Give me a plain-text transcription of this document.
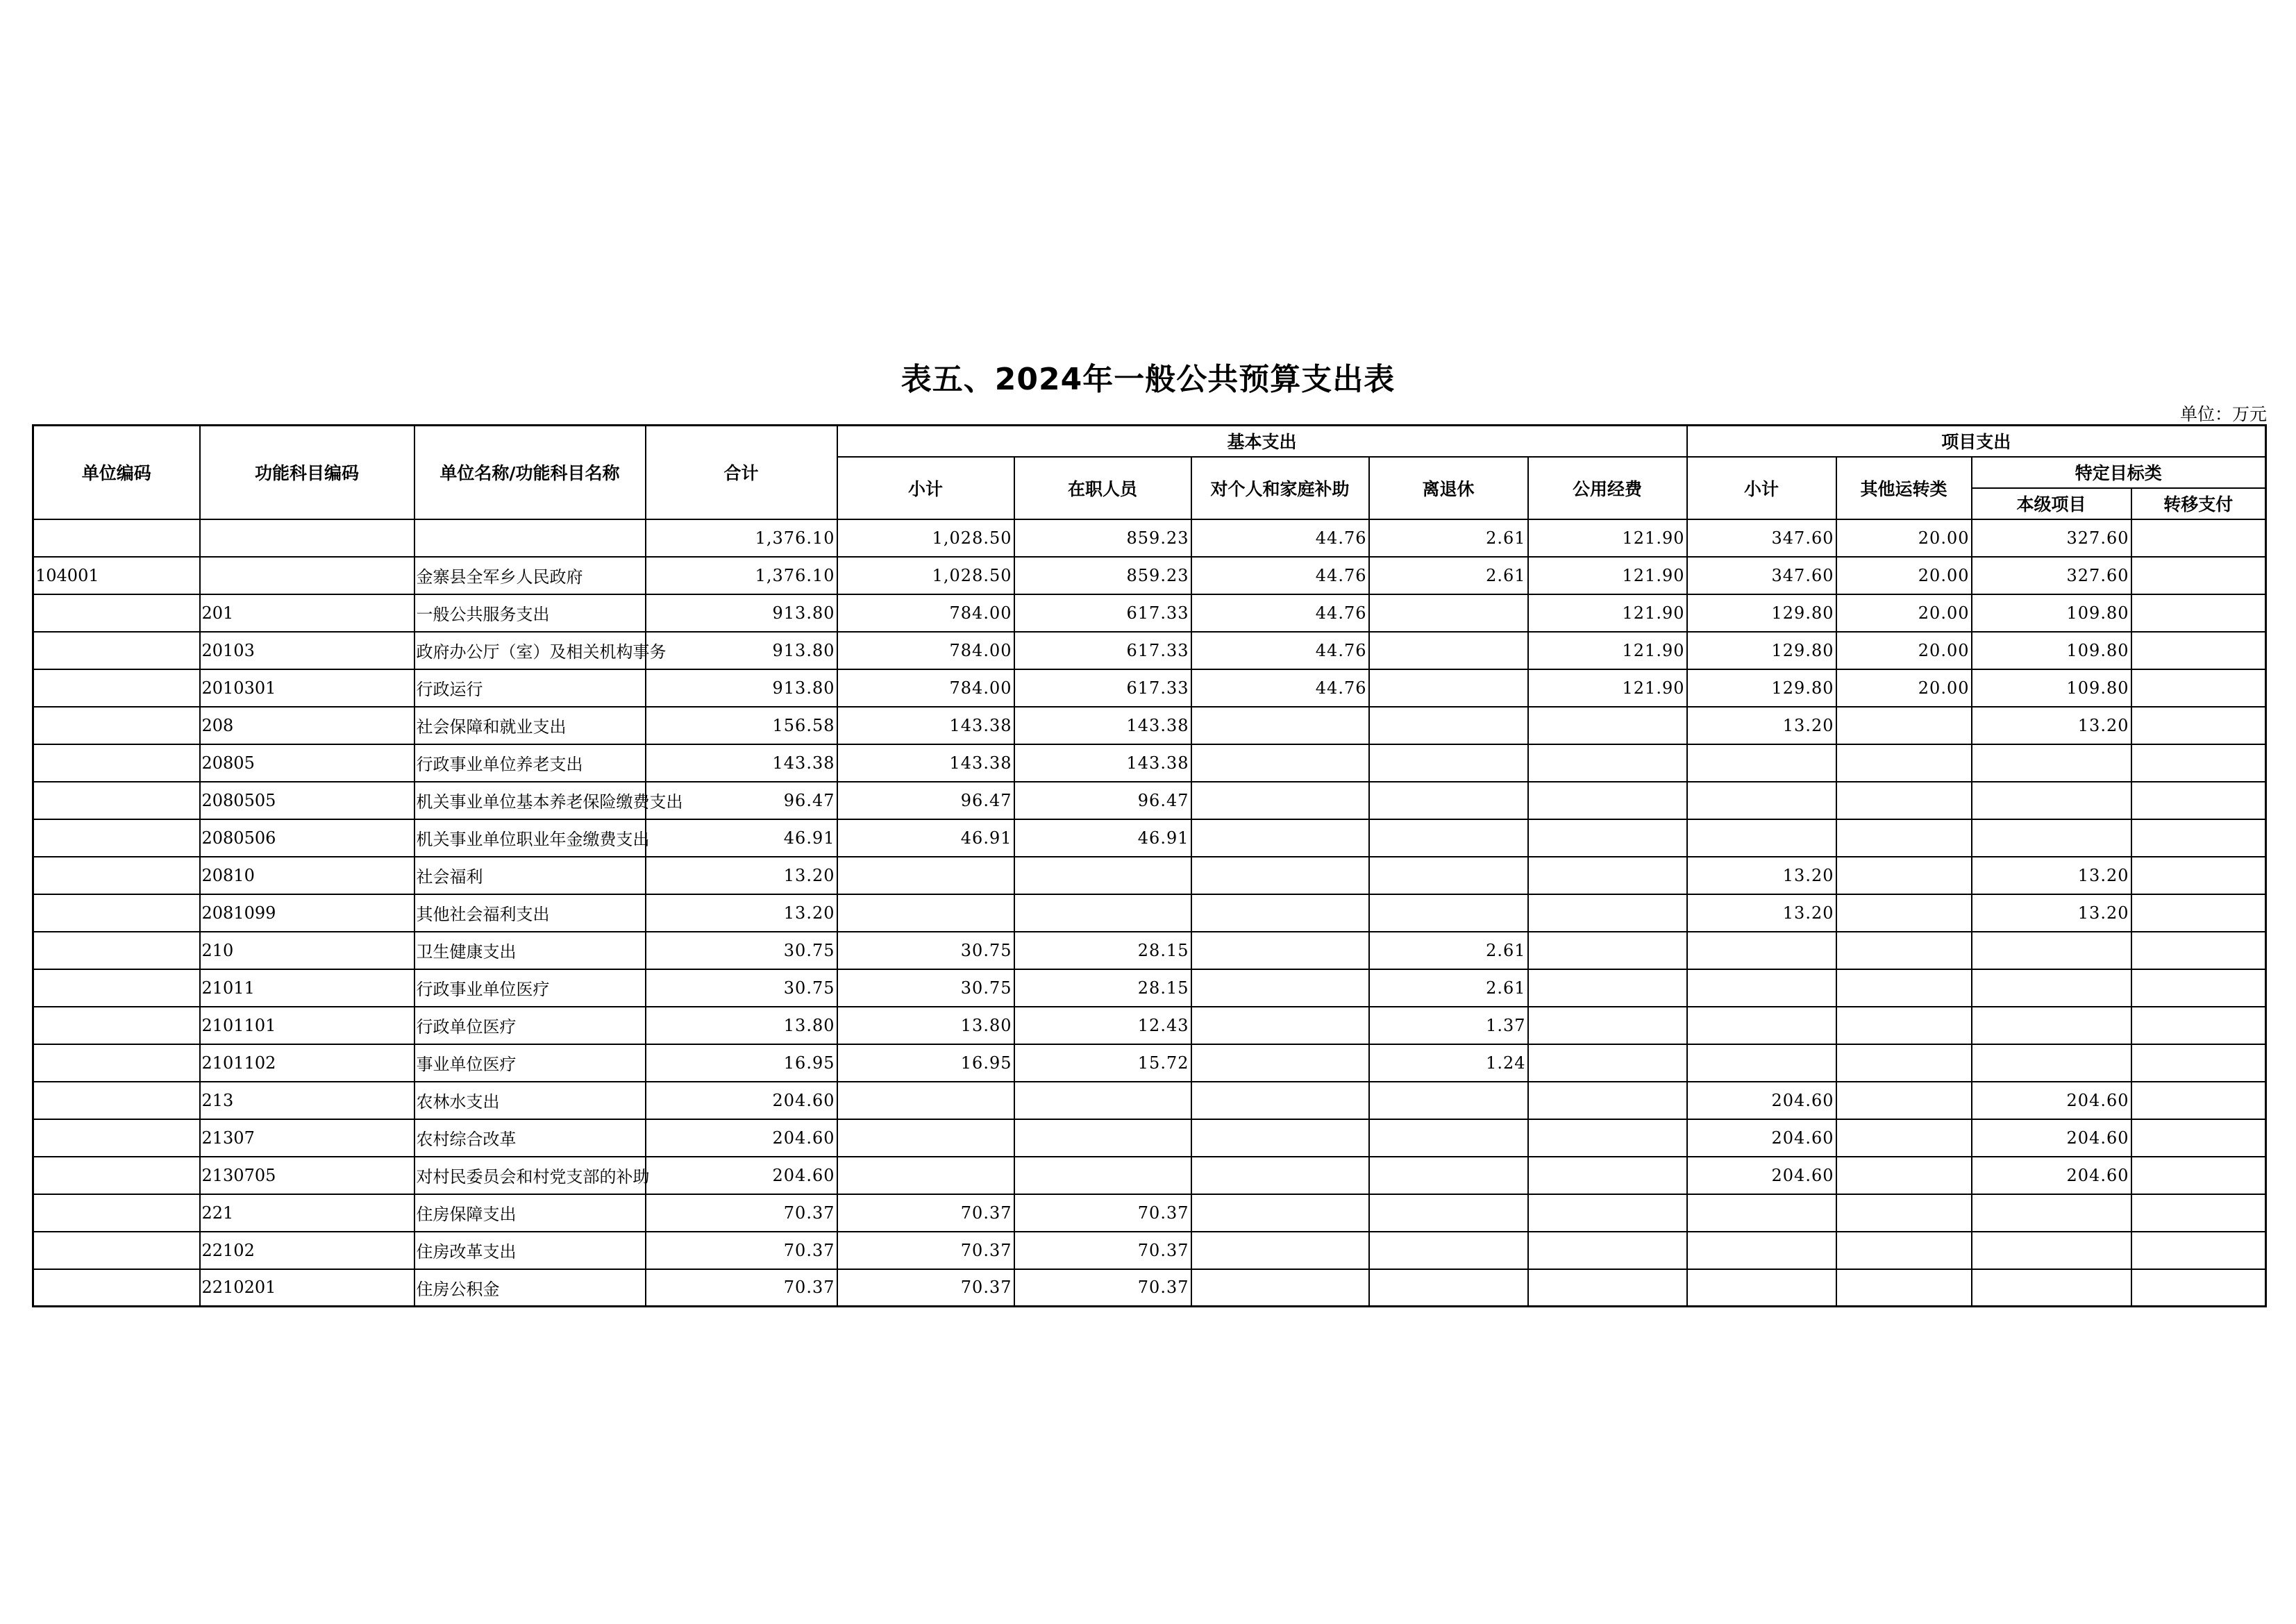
表五、2024年一般公共预算支出表
单位：万元
单位编码	功能科目编码	单位名称/功能科目名称	合计	基本支出					项目支出			
				小计	在职人员	对个人和家庭补助	离退休	公用经费	小计	其他运转类	特定目标类	
											本级项目	转移支付
			1,376.10	1,028.50	859.23	44.76	2.61	121.90	347.60	20.00	327.60	
104001		金寨县全军乡人民政府	1,376.10	1,028.50	859.23	44.76	2.61	121.90	347.60	20.00	327.60	
	201	一般公共服务支出	913.80	784.00	617.33	44.76		121.90	129.80	20.00	109.80	
	20103	政府办公厅（室）及相关机构事务	913.80	784.00	617.33	44.76		121.90	129.80	20.00	109.80	
	2010301	行政运行	913.80	784.00	617.33	44.76		121.90	129.80	20.00	109.80	
	208	社会保障和就业支出	156.58	143.38	143.38				13.20		13.20	
	20805	行政事业单位养老支出	143.38	143.38	143.38							
	2080505	机关事业单位基本养老保险缴费支出	96.47	96.47	96.47							
	2080506	机关事业单位职业年金缴费支出	46.91	46.91	46.91							
	20810	社会福利	13.20						13.20		13.20	
	2081099	其他社会福利支出	13.20						13.20		13.20	
	210	卫生健康支出	30.75	30.75	28.15		2.61					
	21011	行政事业单位医疗	30.75	30.75	28.15		2.61					
	2101101	行政单位医疗	13.80	13.80	12.43		1.37					
	2101102	事业单位医疗	16.95	16.95	15.72		1.24					
	213	农林水支出	204.60						204.60		204.60	
	21307	农村综合改革	204.60						204.60		204.60	
	2130705	对村民委员会和村党支部的补助	204.60						204.60		204.60	
	221	住房保障支出	70.37	70.37	70.37							
	22102	住房改革支出	70.37	70.37	70.37							
	2210201	住房公积金	70.37	70.37	70.37							
